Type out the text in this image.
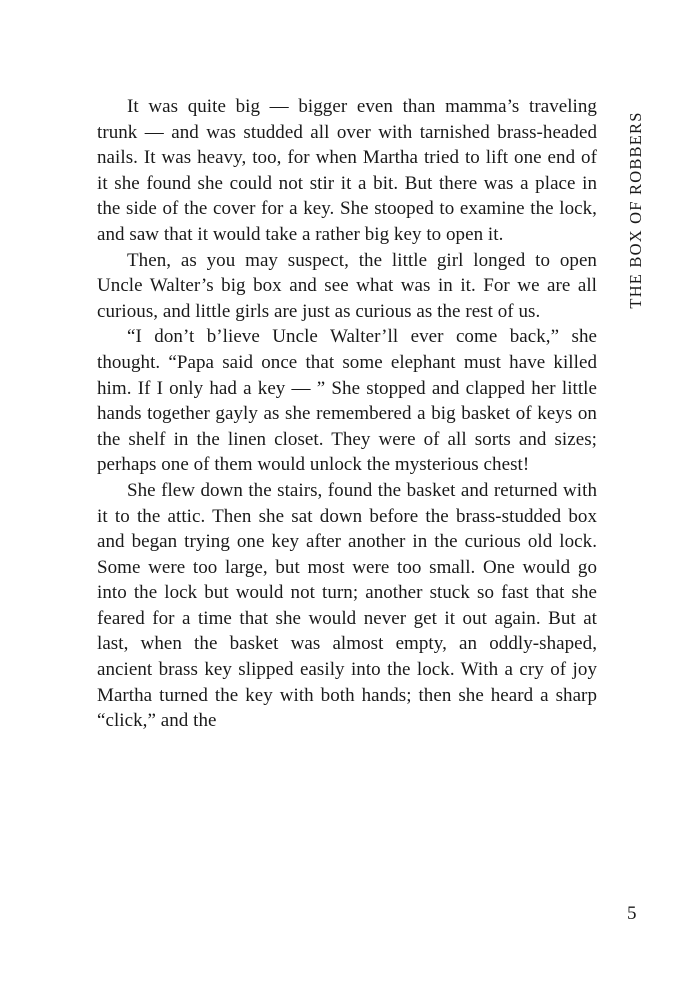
It was quite big — bigger even than mamma’s traveling trunk — and was studded all over with tarnished brass-headed nails. It was heavy, too, for when Martha tried to lift one end of it she found she could not stir it a bit. But there was a place in the side of the cover for a key. She stooped to examine the lock, and saw that it would take a rather big key to open it.

Then, as you may suspect, the little girl longed to open Uncle Walter’s big box and see what was in it. For we are all curious, and little girls are just as curious as the rest of us.

“I don’t b’lieve Uncle Walter’ll ever come back,” she thought. “Papa said once that some elephant must have killed him. If I only had a key — ” She stopped and clapped her little hands together gayly as she remembered a big basket of keys on the shelf in the linen closet. They were of all sorts and sizes; perhaps one of them would unlock the mysterious chest!

She flew down the stairs, found the basket and returned with it to the attic. Then she sat down before the brass-studded box and began trying one key after another in the curious old lock. Some were too large, but most were too small. One would go into the lock but would not turn; another stuck so fast that she feared for a time that she would never get it out again. But at last, when the basket was almost empty, an oddly-shaped, ancient brass key slipped easily into the lock. With a cry of joy Martha turned the key with both hands; then she heard a sharp “click,” and the

THE BOX OF ROBBERS
5
